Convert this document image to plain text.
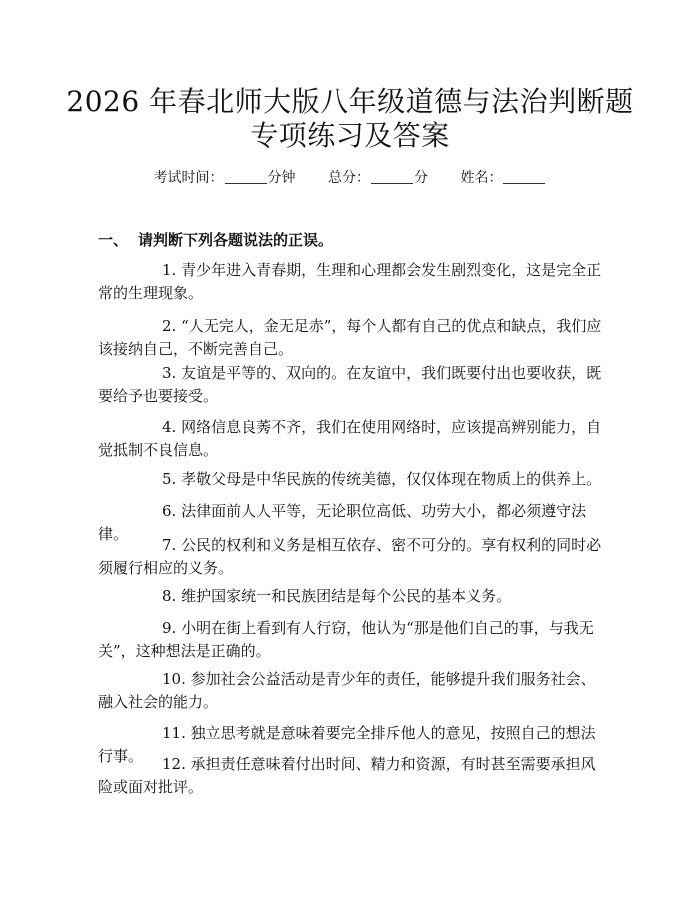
2026 年春北师大版八年级道德与法治判断题
专项练习及答案
考试时间：	分钟 总分：	分 姓名：
一、 请判断下列各题说法的正误。
1. 青少年进入青春期，生理和心理都会发生剧烈变化，这是完全正常的生理现象。
2. “人无完人，金无足赤”，每个人都有自己的优点和缺点，我们应该接纳自己，不断完善自己。
3. 友谊是平等的、双向的。在友谊中，我们既要付出也要收获，既要给予也要接受。
4. 网络信息良莠不齐，我们在使用网络时，应该提高辨别能力，自觉抵制不良信息。
5. 孝敬父母是中华民族的传统美德，仅仅体现在物质上的供养上。
6. 法律面前人人平等，无论职位高低、功劳大小，都必须遵守法律。
7. 公民的权利和义务是相互依存、密不可分的。享有权利的同时必须履行相应的义务。
8. 维护国家统一和民族团结是每个公民的基本义务。
9. 小明在街上看到有人行窃，他认为“那是他们自己的事，与我无关”，这种想法是正确的。
10. 参加社会公益活动是青少年的责任，能够提升我们服务社会、融入社会的能力。
11. 独立思考就是意味着要完全排斥他人的意见，按照自己的想法行事。	12. 承担责任意味着付出时间、精力和资源，有时甚至需要承担风险或面对批评。
